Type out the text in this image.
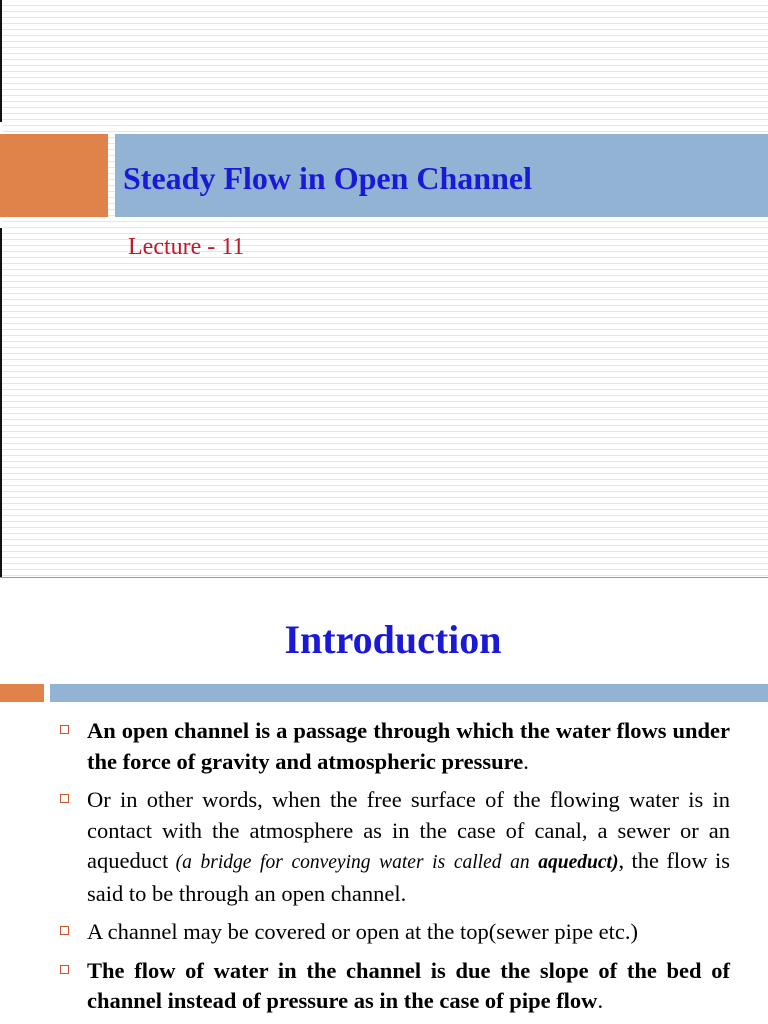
Steady Flow in Open Channel

Lecture - 11

Introduction
An open channel is a passage through which the water flows under the force of gravity and atmospheric pressure.
Or in other words, when the free surface of the flowing water is in contact with the atmosphere as in the case of canal, a sewer or an aqueduct (a bridge for conveying water is called an aqueduct), the flow is said to be through an open channel.
A channel may be covered or open at the top(sewer pipe etc.)
The flow of water in the channel is due the slope of the bed of channel instead of pressure as in the case of pipe flow.
